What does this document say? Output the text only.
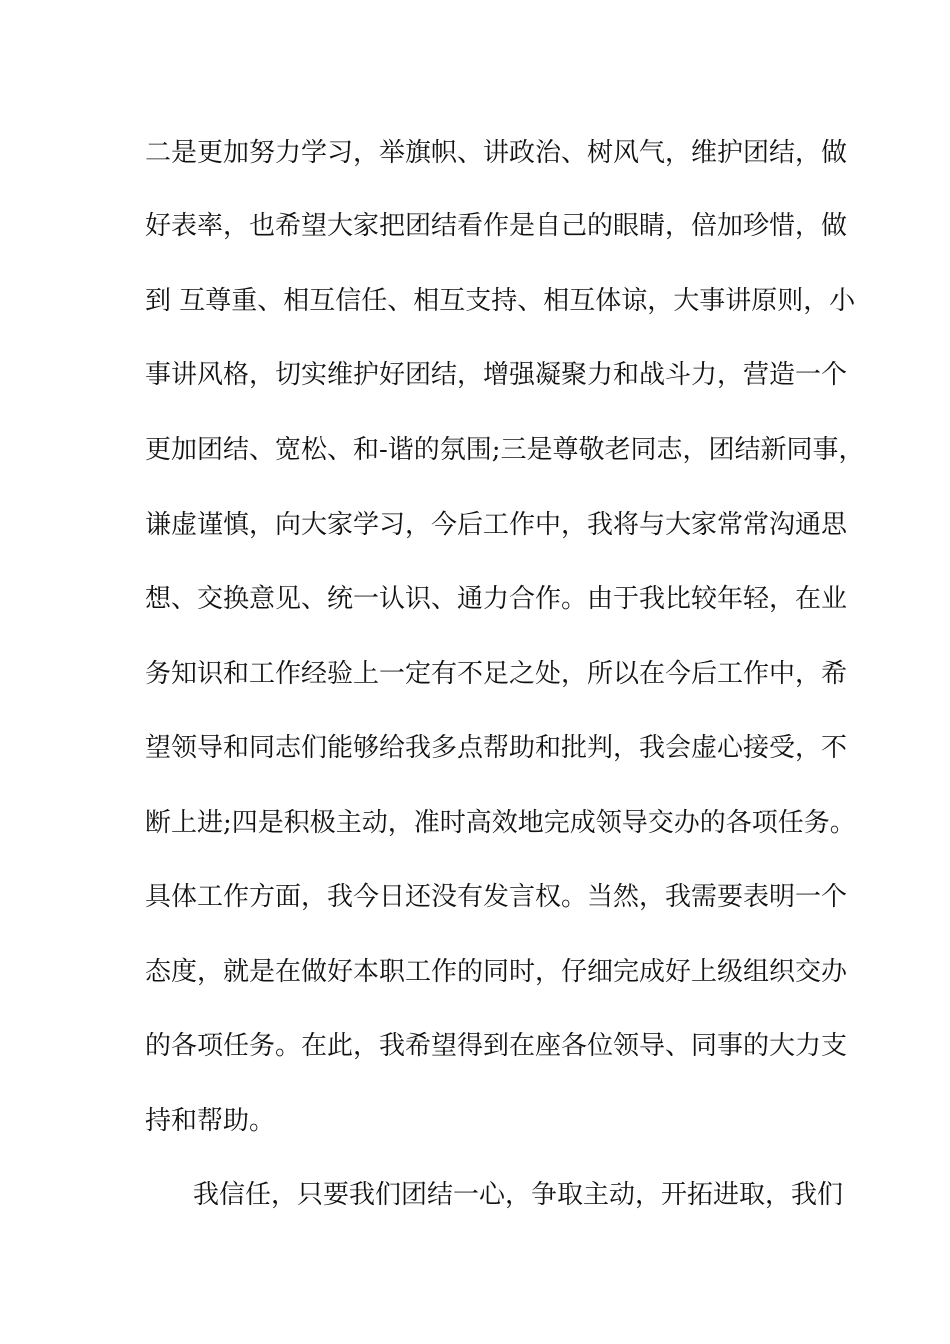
二是更加努力学习，举旗帜、讲政治、树风气，维护团结，做
好表率，也希望大家把团结看作是自己的眼睛，倍加珍惜，做
到 互尊重、相互信任、相互支持、相互体谅，大事讲原则，小
事讲风格，切实维护好团结，增强凝聚力和战斗力，营造一个
更加团结、宽松、和-谐的氛围;三是尊敬老同志，团结新同事，
谦虚谨慎，向大家学习，今后工作中，我将与大家常常沟通思
想、交换意见、统一认识、通力合作。由于我比较年轻，在业
务知识和工作经验上一定有不足之处，所以在今后工作中，希
望领导和同志们能够给我多点帮助和批判，我会虚心接受，不
断上进;四是积极主动，准时高效地完成领导交办的各项任务。
具体工作方面，我今日还没有发言权。当然，我需要表明一个
态度，就是在做好本职工作的同时，仔细完成好上级组织交办
的各项任务。在此，我希望得到在座各位领导、同事的大力支
持和帮助。
我信任，只要我们团结一心，争取主动，开拓进取，我们
